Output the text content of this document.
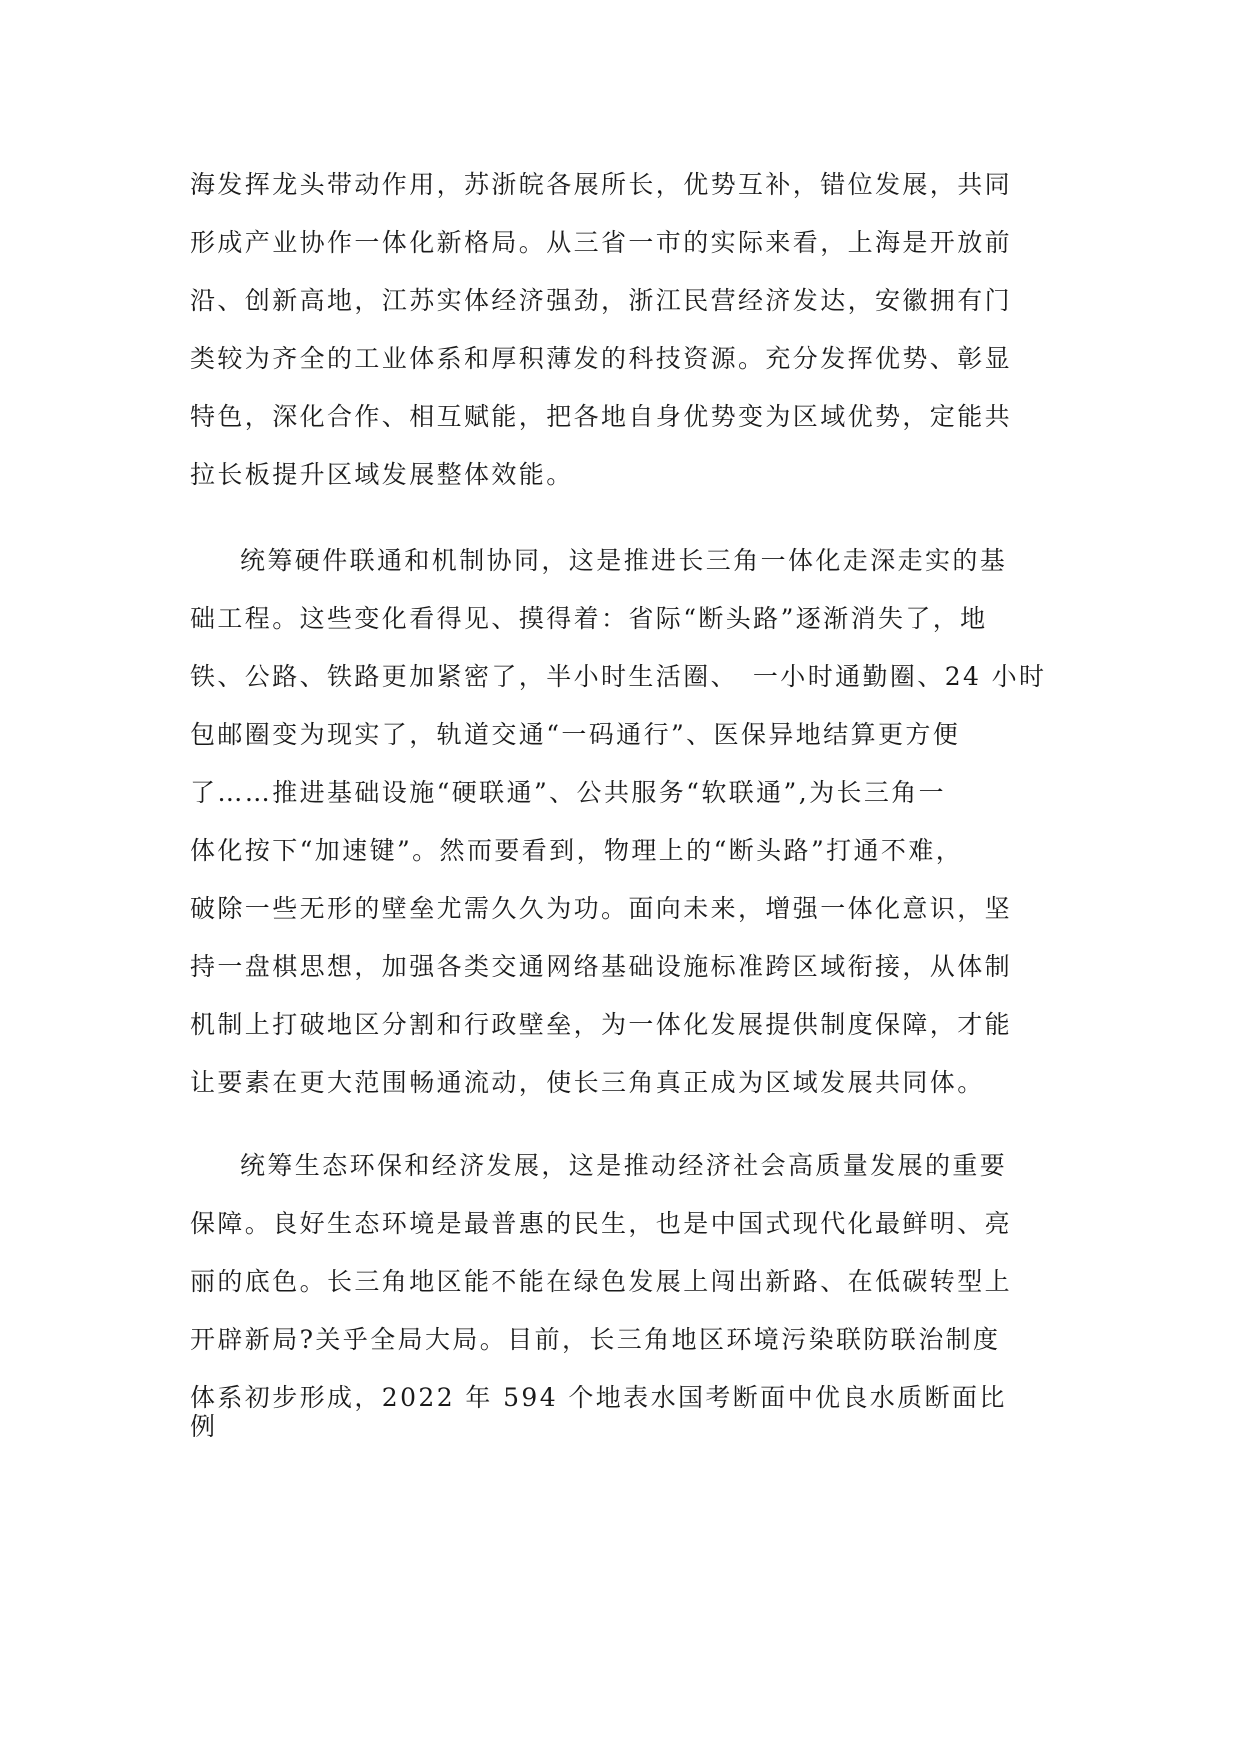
海发挥龙头带动作用，苏浙皖各展所长，优势互补，错位发展，共同
形成产业协作一体化新格局。从三省一市的实际来看，上海是开放前
沿、创新高地，江苏实体经济强劲，浙江民营经济发达，安徽拥有门
类较为齐全的工业体系和厚积薄发的科技资源。充分发挥优势、彰显
特色，深化合作、相互赋能，把各地自身优势变为区域优势，定能共
拉长板提升区域发展整体效能。
统筹硬件联通和机制协同，这是推进长三角一体化走深走实的基
础工程。这些变化看得见、摸得着：省际“断头路”逐渐消失了，地
铁、公路、铁路更加紧密了，半小时生活圈、　一小时通勤圈、24 小时
包邮圈变为现实了，轨道交通“一码通行”、医保异地结算更方便
了……推进基础设施“硬联通”、公共服务“软联通”,为长三角一
体化按下“加速键”。然而要看到，物理上的“断头路”打通不难，
破除一些无形的壁垒尤需久久为功。面向未来，增强一体化意识，坚
持一盘棋思想，加强各类交通网络基础设施标准跨区域衔接，从体制
机制上打破地区分割和行政壁垒，为一体化发展提供制度保障，才能
让要素在更大范围畅通流动，使长三角真正成为区域发展共同体。
统筹生态环保和经济发展，这是推动经济社会高质量发展的重要
保障。良好生态环境是最普惠的民生，也是中国式现代化最鲜明、亮
丽的底色。长三角地区能不能在绿色发展上闯出新路、在低碳转型上
开辟新局?关乎全局大局。目前，长三角地区环境污染联防联治制度
体系初步形成，2022 年 594 个地表水国考断面中优良水质断面比
例
